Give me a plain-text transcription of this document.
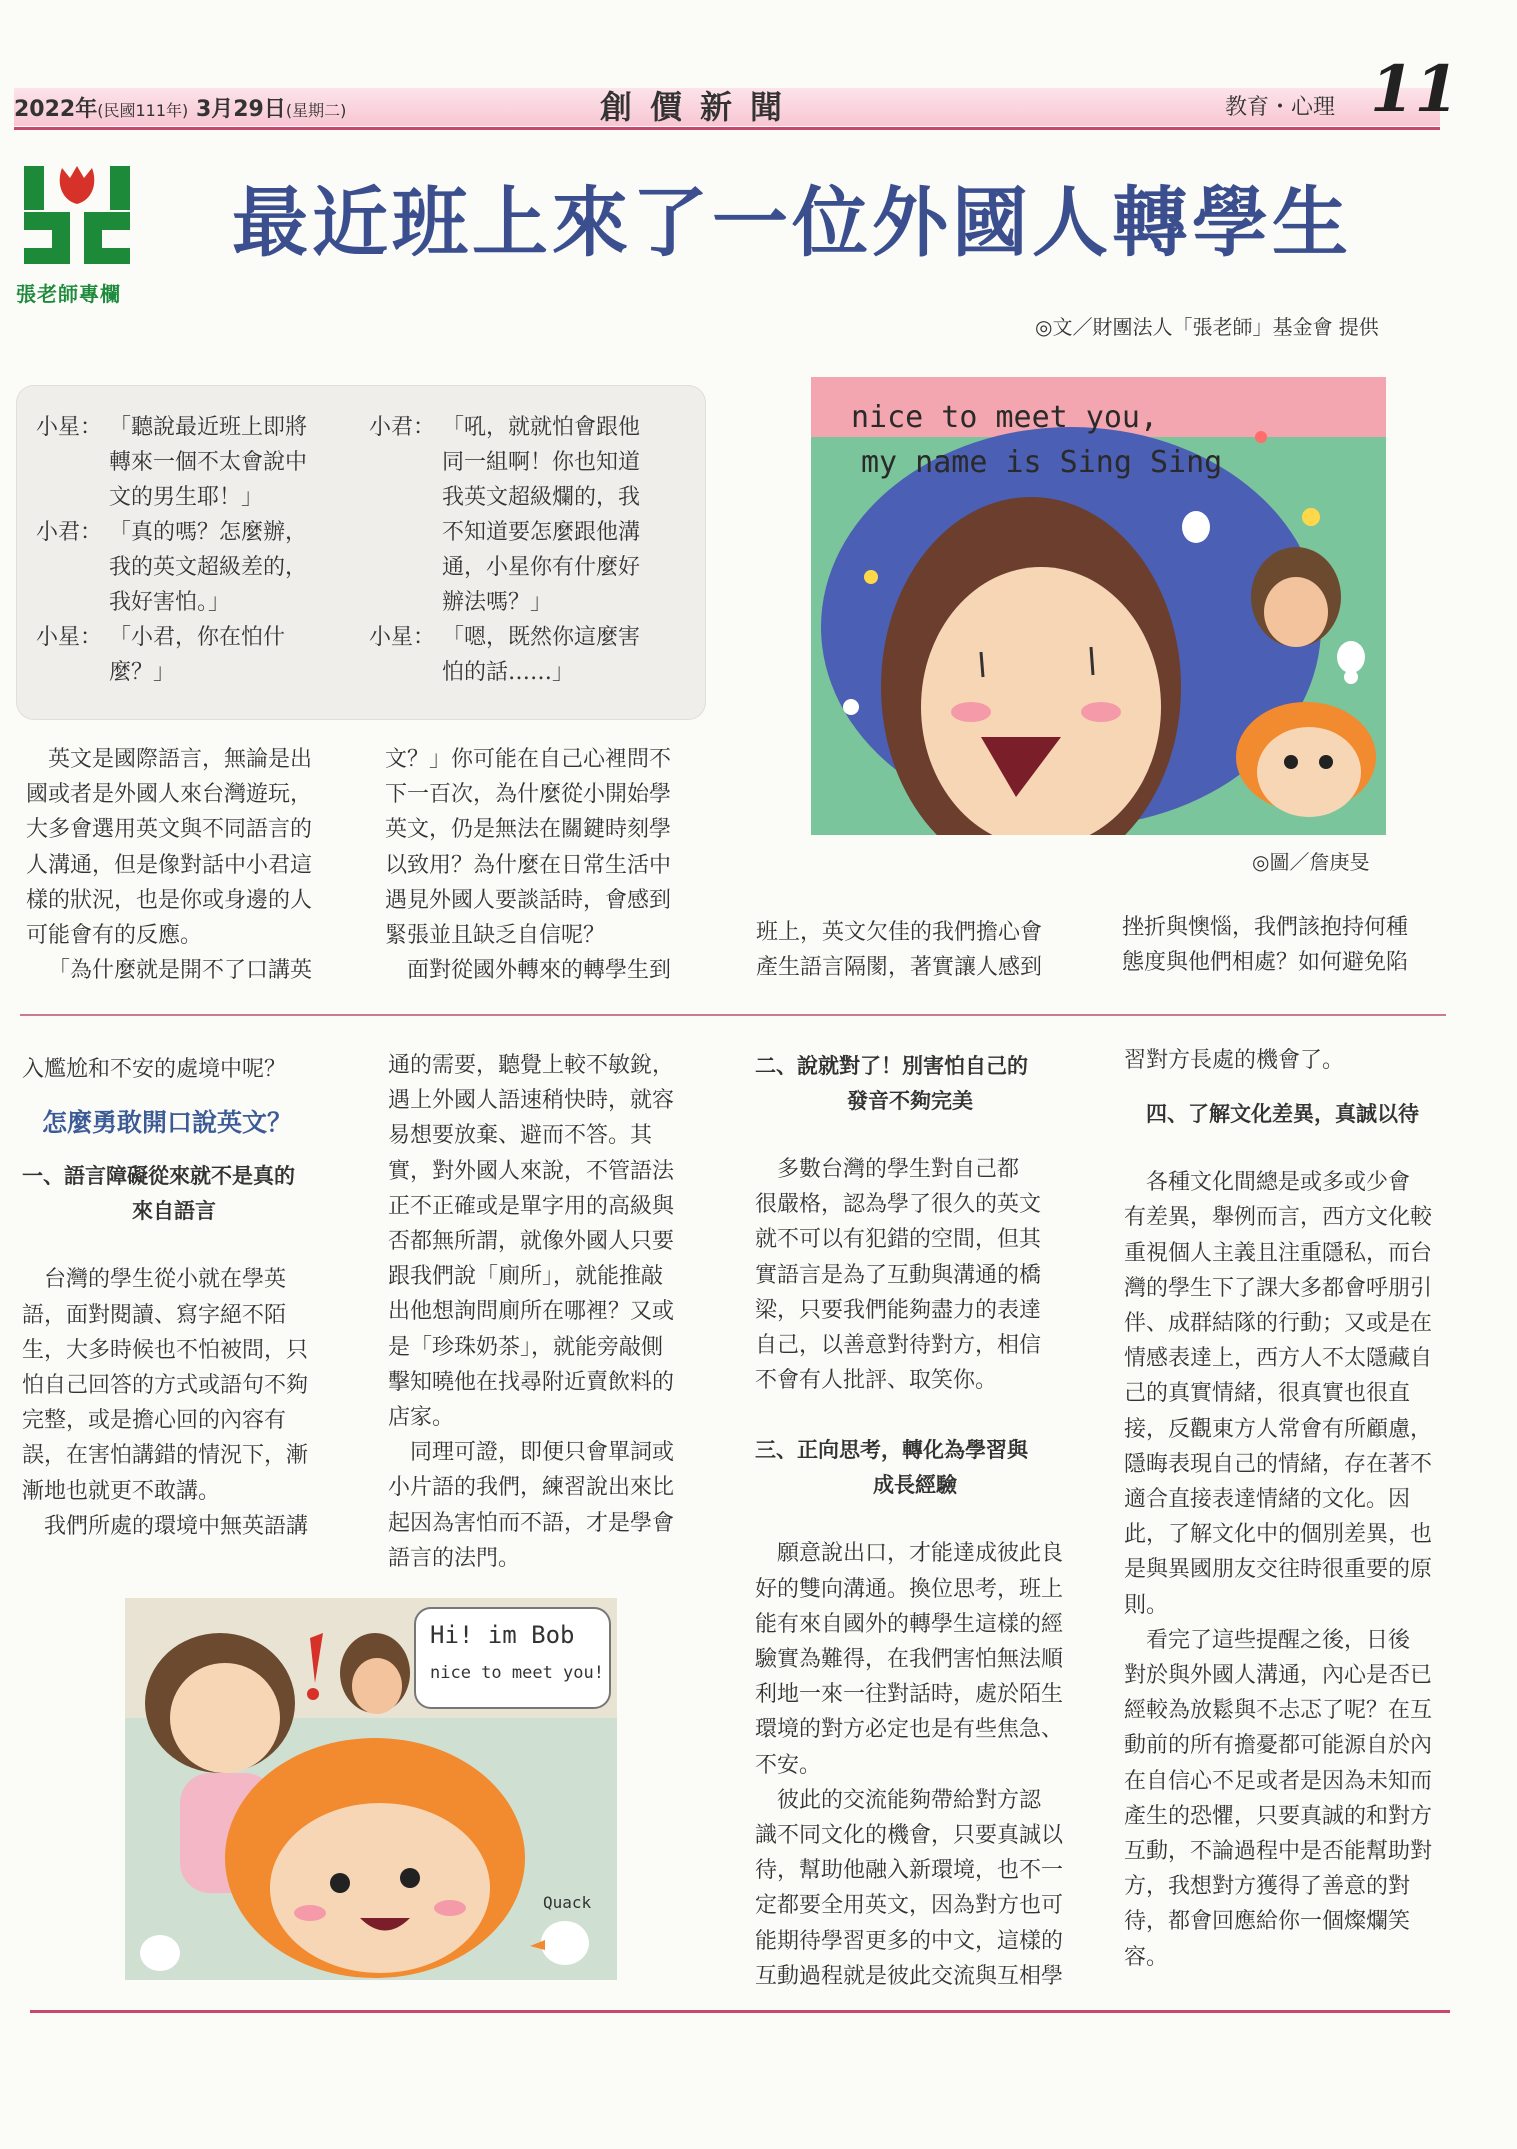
2022年(民國111年) 3月29日(星期二)	創價新聞	教育・心理 11
張老師專欄
最近班上來了一位外國人轉學生
◎文／財團法人「張老師」基金會 提供
小星： 「聽說最近班上即將
轉來一個不太會說中
文的男生耶！」
小君： 「真的嗎？怎麼辦，
我的英文超級差的，
我好害怕。」
小星： 「小君，你在怕什
麼？」
小君： 「吼，就就怕會跟他
同一組啊！你也知道
我英文超級爛的，我
不知道要怎麼跟他溝
通，小星你有什麼好
辦法嗎？」
小星： 「嗯，既然你這麼害
怕的話……」
nice to meet you,
my name is Sing Sing
◎圖／詹庚旻

英文是國際語言，無論是出

國或者是外國人來台灣遊玩，

大多會選用英文與不同語言的

人溝通，但是像對話中小君這

樣的狀況，也是你或身邊的人

可能會有的反應。

「為什麼就是開不了口講英

文？」你可能在自己心裡問不

下一百次，為什麼從小開始學

英文，仍是無法在關鍵時刻學

以致用？為什麼在日常生活中

遇見外國人要談話時，會感到

緊張並且缺乏自信呢？

面對從國外轉來的轉學生到

班上，英文欠佳的我們擔心會

產生語言隔閡，著實讓人感到

挫折與懊惱，我們該抱持何種

態度與他們相處？如何避免陷

入尷尬和不安的處境中呢？

怎麼勇敢開口說英文？
一、語言障礙從來就不是真的
來自語言

台灣的學生從小就在學英

語，面對閱讀、寫字絕不陌

生，大多時候也不怕被問，只

怕自己回答的方式或語句不夠

完整，或是擔心回的內容有

誤，在害怕講錯的情況下，漸

漸地也就更不敢講。

我們所處的環境中無英語講

通的需要，聽覺上較不敏銳，

遇上外國人語速稍快時，就容

易想要放棄、避而不答。其

實，對外國人來說，不管語法

正不正確或是單字用的高級與

否都無所謂，就像外國人只要

跟我們說「廁所」，就能推敲

出他想詢問廁所在哪裡？又或

是「珍珠奶茶」，就能旁敲側

擊知曉他在找尋附近賣飲料的

店家。

同理可證，即便只會單詞或

小片語的我們，練習說出來比

起因為害怕而不語，才是學會

語言的法門。

二、說就對了！別害怕自己的
發音不夠完美

多數台灣的學生對自己都

很嚴格，認為學了很久的英文

就不可以有犯錯的空間，但其

實語言是為了互動與溝通的橋

梁，只要我們能夠盡力的表達

自己，以善意對待對方，相信

不會有人批評、取笑你。

三、正向思考，轉化為學習與
成長經驗

願意說出口，才能達成彼此良

好的雙向溝通。換位思考，班上

能有來自國外的轉學生這樣的經

驗實為難得，在我們害怕無法順

利地一來一往對話時，處於陌生

環境的對方必定也是有些焦急、

不安。

彼此的交流能夠帶給對方認

識不同文化的機會，只要真誠以

待，幫助他融入新環境，也不一

定都要全用英文，因為對方也可

能期待學習更多的中文，這樣的

互動過程就是彼此交流與互相學

習對方長處的機會了。

四、了解文化差異，真誠以待

各種文化間總是或多或少會

有差異，舉例而言，西方文化較

重視個人主義且注重隱私，而台

灣的學生下了課大多都會呼朋引

伴、成群結隊的行動；又或是在

情感表達上，西方人不太隱藏自

己的真實情緒，很真實也很直

接，反觀東方人常會有所顧慮，

隱晦表現自己的情緒，存在著不

適合直接表達情緒的文化。因

此，了解文化中的個別差異，也

是與異國朋友交往時很重要的原

則。

看完了這些提醒之後，日後

對於與外國人溝通，內心是否已

經較為放鬆與不忐忑了呢？在互

動前的所有擔憂都可能源自於內

在自信心不足或者是因為未知而

產生的恐懼，只要真誠的和對方

互動，不論過程中是否能幫助對

方，我想對方獲得了善意的對

待，都會回應給你一個燦爛笑

容。

Hi! im Bob
nice to meet you!
Quack
